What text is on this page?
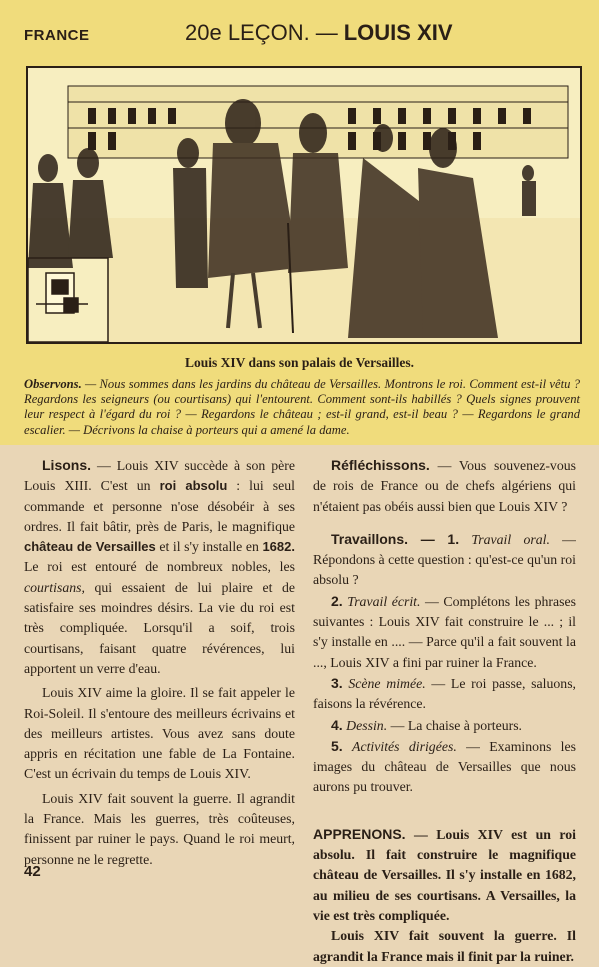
FRANCE	20e LEÇON. — LOUIS XIV
Louis XIV dans son palais de Versailles.
Observons. — Nous sommes dans les jardins du château de Versailles. Montrons le roi. Comment est-il vêtu ? Regardons les seigneurs (ou courtisans) qui l'entourent. Comment sont-ils habillés ? Quels signes prouvent leur respect à l'égard du roi ? — Regardons le château ; est-il grand, est-il beau ? — Regardons le grand escalier. — Décrivons la chaise à porteurs qui a amené la dame.

Lisons. — Louis XIV succède à son père Louis XIII. C'est un roi absolu : lui seul commande et personne n'ose désobéir à ses ordres. Il fait bâtir, près de Paris, le magnifique château de Versailles et il s'y installe en 1682. Le roi est entouré de nombreux nobles, les courtisans, qui essaient de lui plaire et de satisfaire ses moindres désirs. La vie du roi est très compliquée. Lorsqu'il a soif, trois courtisans, faisant quatre révérences, lui apportent un verre d'eau.

Louis XIV aime la gloire. Il se fait appeler le Roi-Soleil. Il s'entoure des meilleurs écrivains et des meilleurs artistes. Vous avez sans doute appris en récitation une fable de La Fontaine. C'est un écrivain du temps de Louis XIV.

Louis XIV fait souvent la guerre. Il agrandit la France. Mais les guerres, très coûteuses, finissent par ruiner le pays. Quand le roi meurt, personne ne le regrette.

Réfléchissons. — Vous souvenez-vous de rois de France ou de chefs algériens qui n'étaient pas obéis aussi bien que Louis XIV ?

Travaillons. — 1. Travail oral. — Répondons à cette question : qu'est-ce qu'un roi absolu ?

2. Travail écrit. — Complétons les phrases suivantes : Louis XIV fait construire le ... ; il s'y installe en .... — Parce qu'il a fait souvent la ..., Louis XIV a fini par ruiner la France.

3. Scène mimée. — Le roi passe, saluons, faisons la révérence.

4. Dessin. — La chaise à porteurs.

5. Activités dirigées. — Examinons les images du château de Versailles que nous aurons pu trouver.

APPRENONS. — Louis XIV est un roi absolu. Il fait construire le magnifique château de Versailles. Il s'y installe en 1682, au milieu de ses courtisans. A Versailles, la vie est très compliquée.

Louis XIV fait souvent la guerre. Il agrandit la France mais il finit par la ruiner.

42
